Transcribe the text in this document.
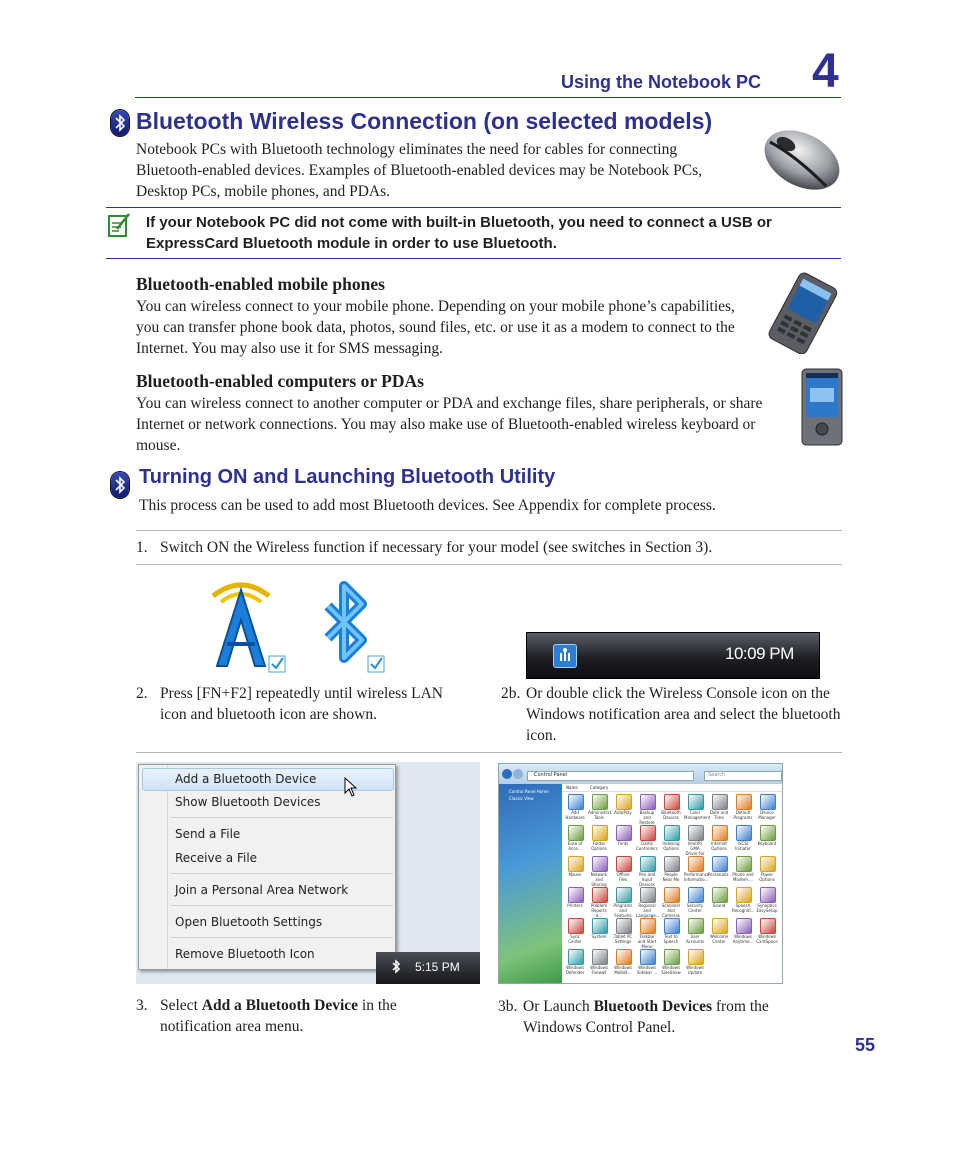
Using the Notebook PC 4
Bluetooth Wireless Connection (on selected models)
Notebook PCs with Bluetooth technology eliminates the need for cables for connecting Bluetooth-enabled devices. Examples of Bluetooth-enabled devices may be Notebook PCs, Desktop PCs, mobile phones, and PDAs.
If your Notebook PC did not come with built-in Bluetooth, you need to connect a USB or ExpressCard Bluetooth module in order to use Bluetooth.
Bluetooth-enabled mobile phones
You can wireless connect to your mobile phone. Depending on your mobile phone’s capabilities, you can transfer phone book data, photos, sound files, etc. or use it as a modem to connect to the Internet. You may also use it for SMS messaging.
Bluetooth-enabled computers or PDAs
You can wireless connect to another computer or PDA and exchange files, share peripherals, or share Internet or network connections. You may also make use of Bluetooth-enabled wireless keyboard or mouse.
Turning ON and Launching Bluetooth Utility
This process can be used to add most Bluetooth devices. See Appendix for complete process.
1. Switch ON the Wireless function if necessary for your model (see switches in Section 3).
10:09 PM
2. Press [FN+F2] repeatedly until wireless LAN icon and bluetooth icon are shown.
2b. Or double click the Wireless Console icon on the Windows notification area and select the bluetooth icon.
Add a Bluetooth Device
Show Bluetooth Devices
Send a File
Receive a File
Join a Personal Area Network
Open Bluetooth Settings
Remove Bluetooth Icon
5:15 PM
Control Panel	Search
Control Panel Home
Classic View
Name	Category
Add Hardware
Administrat... Tools
AutoPlay	Backup and Restore
Bluetooth Devices
Color Management
Date and Time
Default Programs
Device Manager
Ease of Acce...
Folder Options
Fonts	Game Controllers
Indexing Options
Intel(R) GMA Driver for
Internet Options
iSCSI Initiator
Keyboard
Mouse	Network and Sharing
Offline Files
Pen and Input Devices
People Near Me
Performance Informatio...
Personaliz... Phone and Modem ...
Power Options
Printers	Problem Reports a...
Programs and Features
Regional and Language...
Scanners and Cameras
Security Center
Sound	Speech Recogniti...
Synaptics EasySetup
Sync Center
System	Tablet PC Settings
Taskbar and Start Menu
Text to Speech
User Accounts
Welcome Center
Windows Anytime...
Windows CardSpace
Windows Defender
Windows Firewall
Windows Mobilit...
Windows Sidebar ...
Windows SideShow
Windows Update
3. Select Add a Bluetooth Device in the notification area menu.
3b. Or Launch Bluetooth Devices from the Windows Control Panel.
55
